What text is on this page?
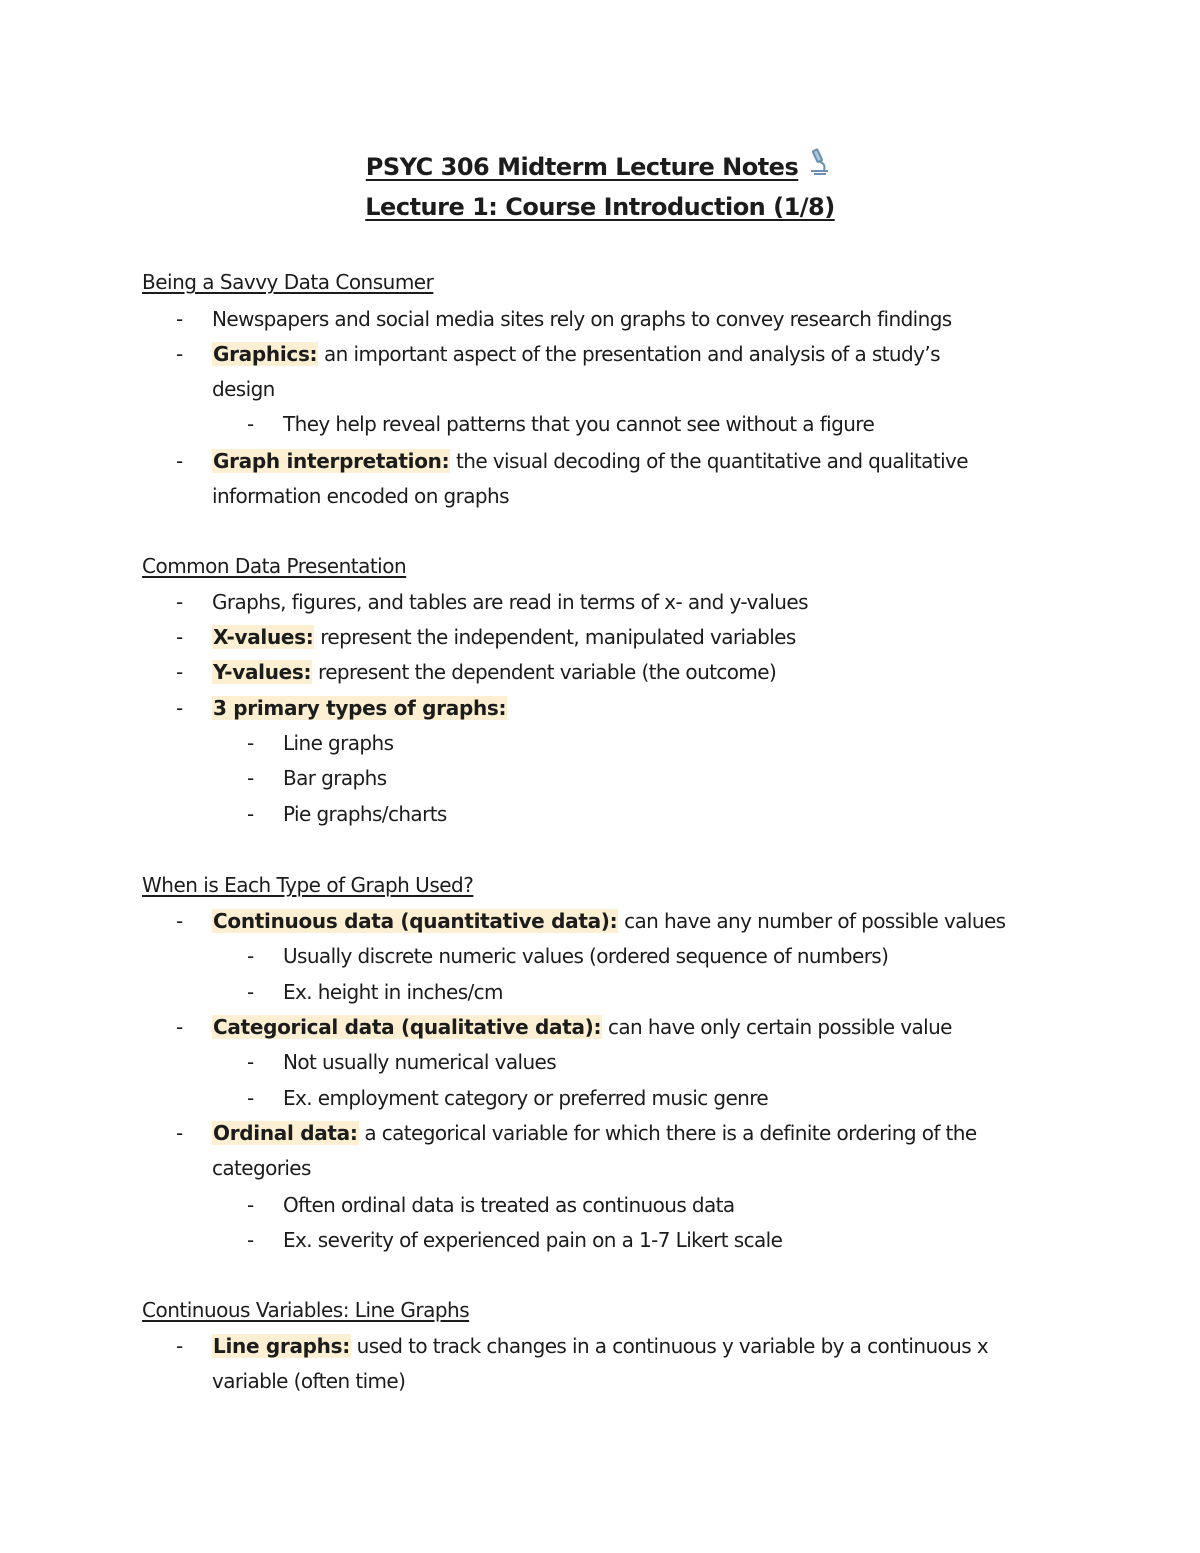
PSYC 306 Midterm Lecture Notes
Lecture 1: Course Introduction (1/8)
Being a Savvy Data Consumer
- Newspapers and social media sites rely on graphs to convey research findings
- Graphics: an important aspect of the presentation and analysis of a study’s
design
- They help reveal patterns that you cannot see without a figure
- Graph interpretation: the visual decoding of the quantitative and qualitative
information encoded on graphs
Common Data Presentation
- Graphs, figures, and tables are read in terms of x- and y-values
- X-values: represent the independent, manipulated variables
- Y-values: represent the dependent variable (the outcome)
- 3 primary types of graphs:
- Line graphs
- Bar graphs
- Pie graphs/charts
When is Each Type of Graph Used?
- Continuous data (quantitative data): can have any number of possible values
- Usually discrete numeric values (ordered sequence of numbers)
- Ex. height in inches/cm
- Categorical data (qualitative data): can have only certain possible value
- Not usually numerical values
- Ex. employment category or preferred music genre
- Ordinal data: a categorical variable for which there is a definite ordering of the
categories
- Often ordinal data is treated as continuous data
- Ex. severity of experienced pain on a 1-7 Likert scale
Continuous Variables: Line Graphs
- Line graphs: used to track changes in a continuous y variable by a continuous x
variable (often time)
